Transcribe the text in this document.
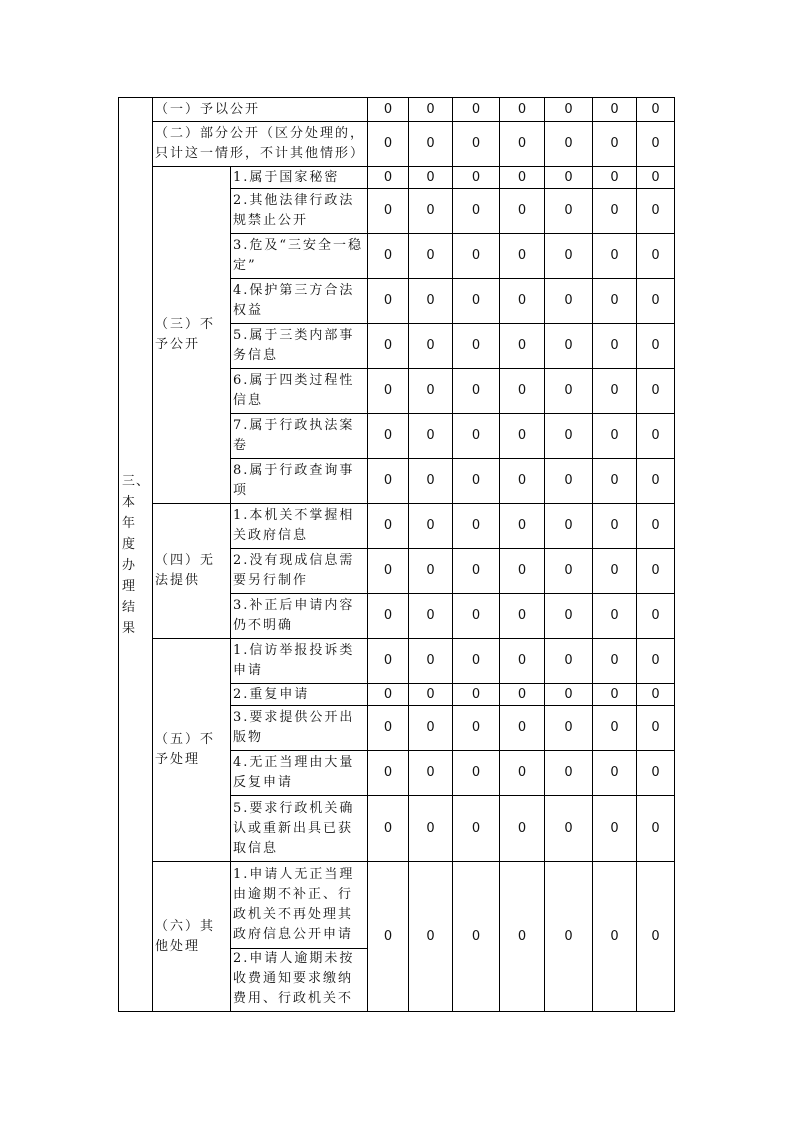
三、本年度办理结果	（一）予以公开		0	0	0	0	0	0	0
	（二）部分公开（区分处理的，只计这一情形，不计其他情形）		0	0	0	0	0	0	0
	（三）不予公开	1.属于国家秘密	0	0	0	0	0	0	0
		2.其他法律行政法规禁止公开	0	0	0	0	0	0	0
		3.危及“三安全一稳定”	0	0	0	0	0	0	0
		4.保护第三方合法权益	0	0	0	0	0	0	0
		5.属于三类内部事务信息	0	0	0	0	0	0	0
		6.属于四类过程性信息	0	0	0	0	0	0	0
		7.属于行政执法案卷	0	0	0	0	0	0	0
		8.属于行政查询事项	0	0	0	0	0	0	0
	（四）无法提供	1.本机关不掌握相关政府信息	0	0	0	0	0	0	0
		2.没有现成信息需要另行制作	0	0	0	0	0	0	0
		3.补正后申请内容仍不明确	0	0	0	0	0	0	0
	（五）不予处理	1.信访举报投诉类申请	0	0	0	0	0	0	0
		2.重复申请	0	0	0	0	0	0	0
		3.要求提供公开出版物	0	0	0	0	0	0	0
		4.无正当理由大量反复申请	0	0	0	0	0	0	0
		5.要求行政机关确认或重新出具已获取信息	0	0	0	0	0	0	0
	（六）其他处理	1.申请人无正当理由逾期不补正、行政机关不再处理其政府信息公开申请	0	0	0	0	0	0	0
		2.申请人逾期未按收费通知要求缴纳费用、行政机关不							
